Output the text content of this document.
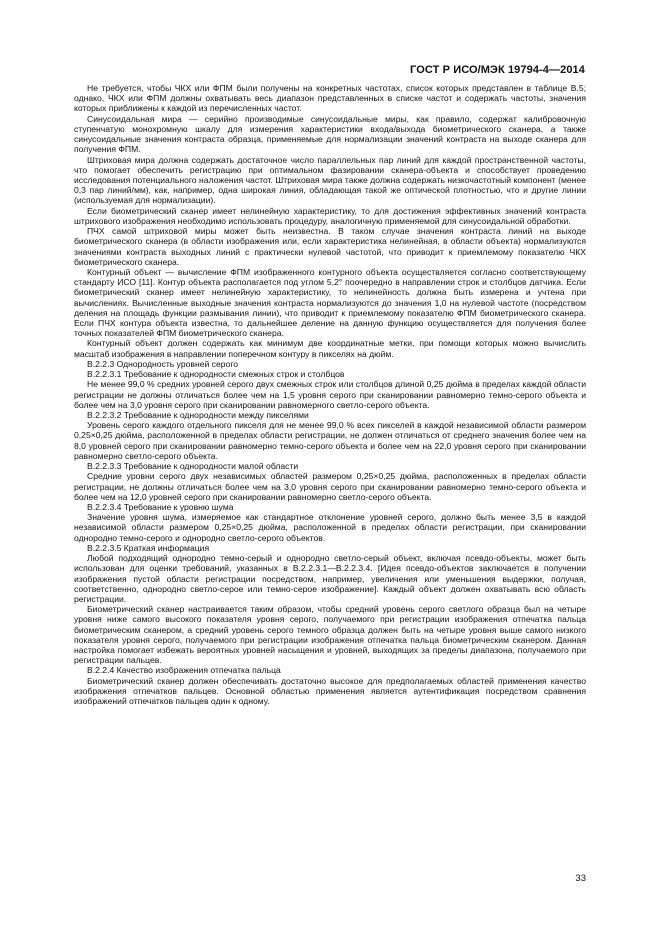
ГОСТ Р ИСО/МЭК 19794-4—2014

Не требуется, чтобы ЧКХ или ФПМ были получены на конкретных частотах, список которых представлен в таблице В.5; однако, ЧКХ или ФПМ должны охватывать весь диапазон представленных в списке частот и содержать частоты, значения которых приближены к каждой из перечисленных частот.

Синусоидальная мира — серийно производимые синусоидальные миры, как правило, содержат калибровочную ступенчатую монохромную шкалу для измерения характеристики входа/выхода биометрического сканера, а также синусоидальные значения контраста образца, применяемые для нормализации значений контраста на выходе сканера для получения ФПМ.

Штриховая мира должна содержать достаточное число параллельных пар линий для каждой пространственной частоты, что помогает обеспечить регистрацию при оптимальном фазировании сканера-объекта и способствует проведению исследования потенциального наложения частот. Штриховая мира также должна содержать низкочастотный компонент (менее 0,3 пар линий/мм), как, например, одна широкая линия, обладающая такой же оптической плотностью, что и другие линии (используемая для нормализации).

Если биометрический сканер имеет нелинейную характеристику, то для достижения эффективных значений контраста штрихового изображения необходимо использовать процедуру, аналогичную применяемой для синусоидальной обработки.

ПЧХ самой штриховой миры может быть неизвестна. В таком случае значения контраста линий на выходе биометрического сканера (в области изображения или, если характеристика нелинейная, в области объекта) нормализуются значениями контраста выходных линий с практически нулевой частотой, что приводит к приемлемому показателю ЧКХ биометрического сканера.

Контурный объект — вычисление ФПМ изображенного контурного объекта осуществляется согласно соответствующему стандарту ИСО [11]. Контур объекта располагается под углом 5,2° поочередно в направлении строк и столбцов датчика. Если биометрический сканер имеет нелинейную характеристику, то нелинейность должна быть измерена и учтена при вычислениях. Вычисленные выходные значения контраста нормализуются до значения 1,0 на нулевой частоте (посредством деления на площадь функции размывания линии), что приводит к приемлемому показателю ФПМ биометрического сканера. Если ПЧХ контура объекта известна, то дальнейшее деление на данную функцию осуществляется для получения более точных показателей ФПМ биометрического сканера.

Контурный объект должен содержать как минимум две координатные метки, при помощи которых можно вычислить масштаб изображения в направлении поперечном контуру в пикселях на дюйм.

В.2.2.3 Однородность уровней серого

В.2.2.3.1 Требование к однородности смежных строк и столбцов

Не менее 99,0 % средних уровней серого двух смежных строк или столбцов длиной 0,25 дюйма в пределах каждой области регистрации не должны отличаться более чем на 1,5 уровня серого при сканировании равномерно темно-серого объекта и более чем на 3,0 уровня серого при сканировании равномерного светло-серого объекта.

В.2.2.3.2 Требование к однородности между пикселями

Уровень серого каждого отдельного пикселя для не менее 99,0 % всех пикселей в каждой независимой области размером 0,25×0,25 дюйма, расположенной в пределах области регистрации, не должен отличаться от среднего значения более чем на 8,0 уровней серого при сканировании равномерно темно-серого объекта и более чем на 22,0 уровня серого при сканировании равномерно светло-серого объекта.

В.2.2.3.3 Требование к однородности малой области

Средние уровни серого двух независимых областей размером 0,25×0,25 дюйма, расположенных в пределах области регистрации, не должны отличаться более чем на 3,0 уровня серого при сканировании равномерно темно-серого объекта и более чем на 12,0 уровней серого при сканировании равномерно светло-серого объекта.

В.2.2.3.4 Требование к уровню шума

Значение уровня шума, измеряемое как стандартное отклонение уровней серого, должно быть менее 3,5 в каждой независимой области размером 0,25×0,25 дюйма, расположенной в пределах области регистрации, при сканировании однородно темно-серого и однородно светло-серого объектов.

В.2.2.3.5 Краткая информация

Любой подходящий однородно темно-серый и однородно светло-серый объект, включая псевдо-объекты, может быть использован для оценки требований, указанных в В.2.2.3.1—В.2.2.3.4. [Идея псевдо-объектов заключается в получении изображения пустой области регистрации посредством, например, увеличения или уменьшения выдержки, получая, соответственно, однородно светло-серое или темно-серое изображение]. Каждый объект должен охватывать всю область регистрации.

Биометрический сканер настраивается таким образом, чтобы средний уровень серого светлого образца был на четыре уровня ниже самого высокого показателя уровня серого, получаемого при регистрации изображения отпечатка пальца биометрическим сканером, а средний уровень серого темного образца должен быть на четыре уровня выше самого низкого показателя уровня серого, получаемого при регистрации изображения отпечатка пальца биометрическим сканером. Данная настройка помогает избежать вероятных уровней насыщения и уровней, выходящих за пределы диапазона, получаемого при регистрации пальцев.

В.2.2.4 Качество изображения отпечатка пальца

Биометрический сканер должен обеспечивать достаточно высокое для предполагаемых областей применения качество изображения отпечатков пальцев. Основной областью применения является аутентификация посредством сравнения изображений отпечатков пальцев один к одному.

33
